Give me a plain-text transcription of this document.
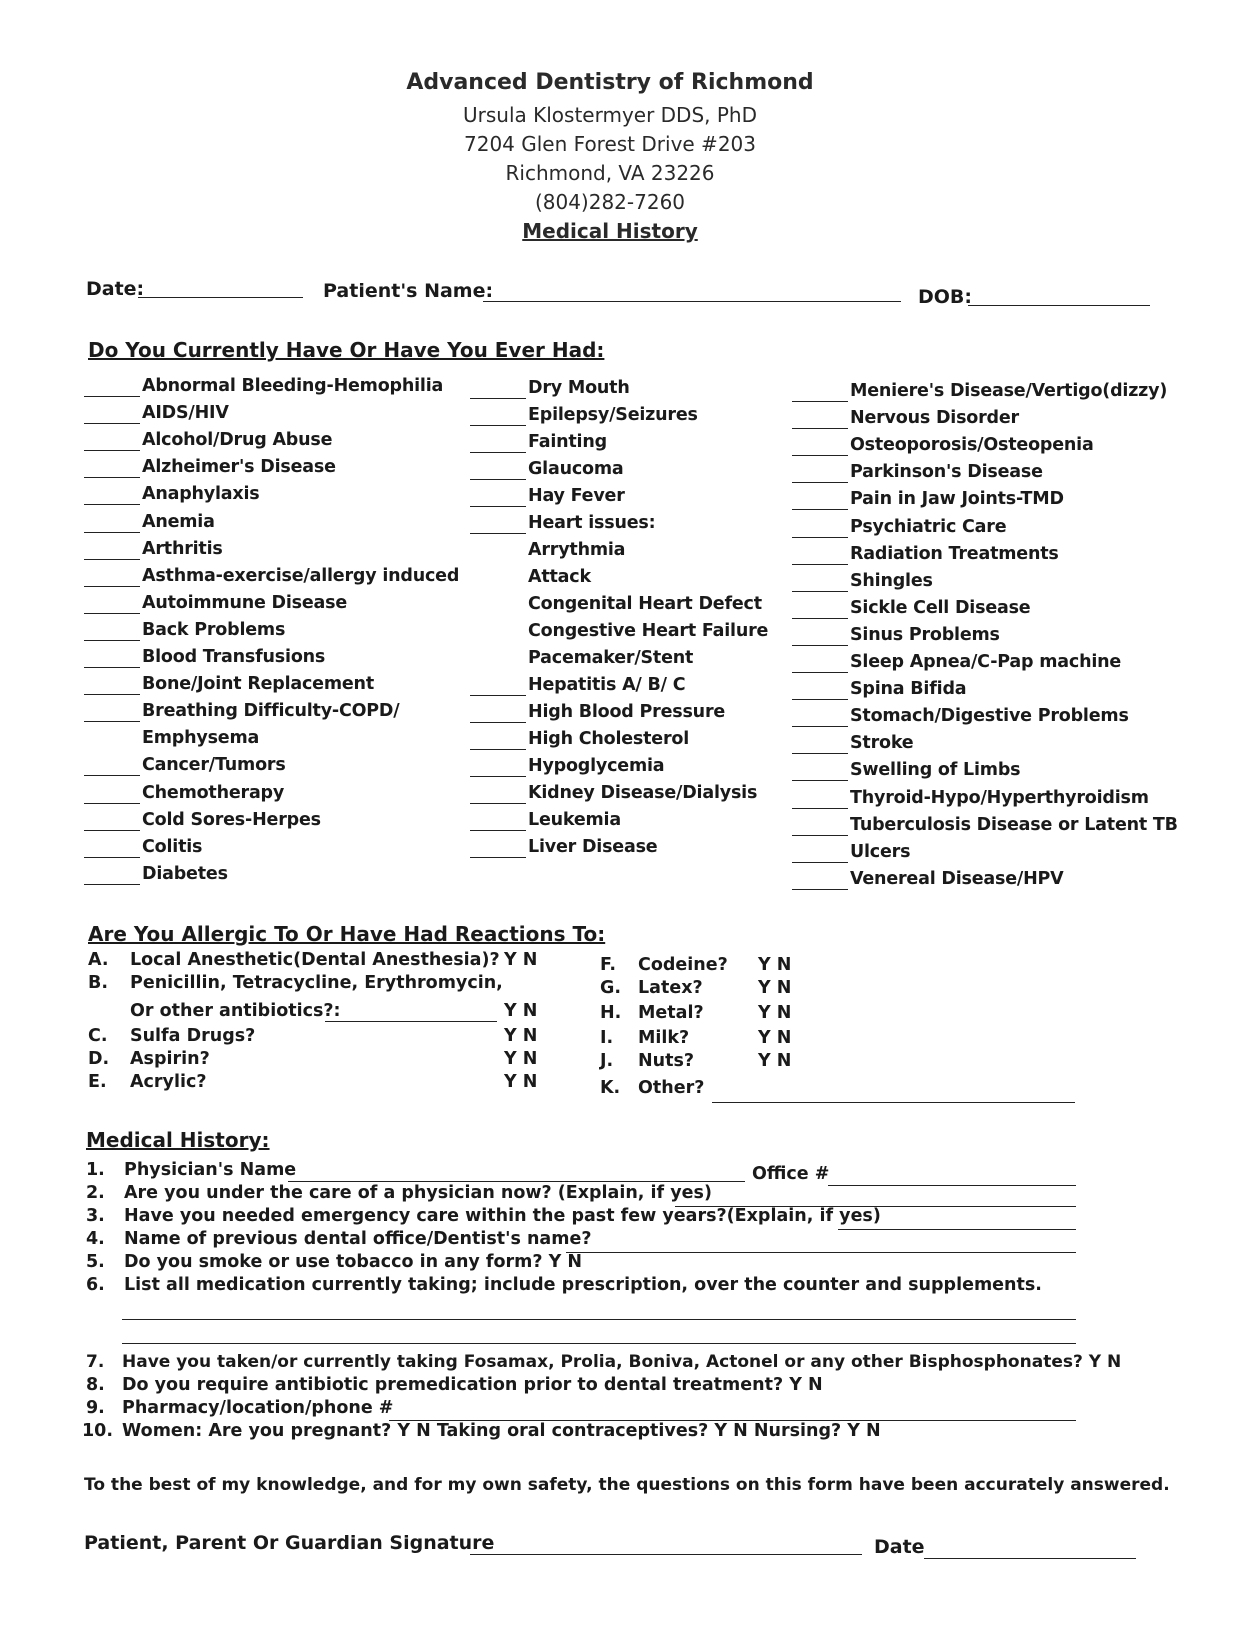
Advanced Dentistry of Richmond
Ursula Klostermyer DDS, PhD
7204 Glen Forest Drive #203
Richmond, VA 23226
(804)282-7260
Medical History
Date:	Patient's Name:	DOB:
Do You Currently Have Or Have You Ever Had:
Abnormal Bleeding-Hemophilia
AIDS/HIV
Alcohol/Drug Abuse
Alzheimer's Disease
Anaphylaxis
Anemia
Arthritis
Asthma-exercise/allergy induced
Autoimmune Disease
Back Problems
Blood Transfusions
Bone/Joint Replacement
Breathing Difficulty-COPD/
Emphysema
Cancer/Tumors
Chemotherapy
Cold Sores-Herpes
Colitis
Diabetes
Dry Mouth
Epilepsy/Seizures
Fainting
Glaucoma
Hay Fever
Heart issues:
Arrythmia
Attack
Congenital Heart Defect
Congestive Heart Failure
Pacemaker/Stent
Hepatitis A/ B/ C
High Blood Pressure
High Cholesterol
Hypoglycemia
Kidney Disease/Dialysis
Leukemia
Liver Disease
Meniere's Disease/Vertigo(dizzy)
Nervous Disorder
Osteoporosis/Osteopenia
Parkinson's Disease
Pain in Jaw Joints-TMD
Psychiatric Care
Radiation Treatments
Shingles
Sickle Cell Disease
Sinus Problems
Sleep Apnea/C-Pap machine
Spina Bifida
Stomach/Digestive Problems
Stroke
Swelling of Limbs
Thyroid-Hypo/Hyperthyroidism
Tuberculosis Disease or Latent TB
Ulcers
Venereal Disease/HPV
Are You Allergic To Or Have Had Reactions To:
A. Local Anesthetic(Dental Anesthesia)? Y N
B. Penicillin, Tetracycline, Erythromycin,
Or other antibiotics?:	Y N
C. Sulfa Drugs?	Y N
D. Aspirin?	Y N
E. Acrylic?	Y N
F. Codeine? Y N
G. Latex?	Y N
H. Metal?	Y N
I. Milk?	Y N
J. Nuts?	Y N
K. Other?
Medical History:
1. Physician's Name	Office #
2. Are you under the care of a physician now? (Explain, if yes)
3. Have you needed emergency care within the past few years?(Explain, if yes)
4. Name of previous dental office/Dentist's name?
5. Do you smoke or use tobacco in any form? Y N
6. List all medication currently taking; include prescription, over the counter and supplements.
7. Have you taken/or currently taking Fosamax, Prolia, Boniva, Actonel or any other Bisphosphonates? Y N
8. Do you require antibiotic premedication prior to dental treatment? Y N
9. Pharmacy/location/phone #
10. Women: Are you pregnant? Y N Taking oral contraceptives? Y N Nursing? Y N
To the best of my knowledge, and for my own safety, the questions on this form have been accurately answered.
Patient, Parent Or Guardian Signature	Date
